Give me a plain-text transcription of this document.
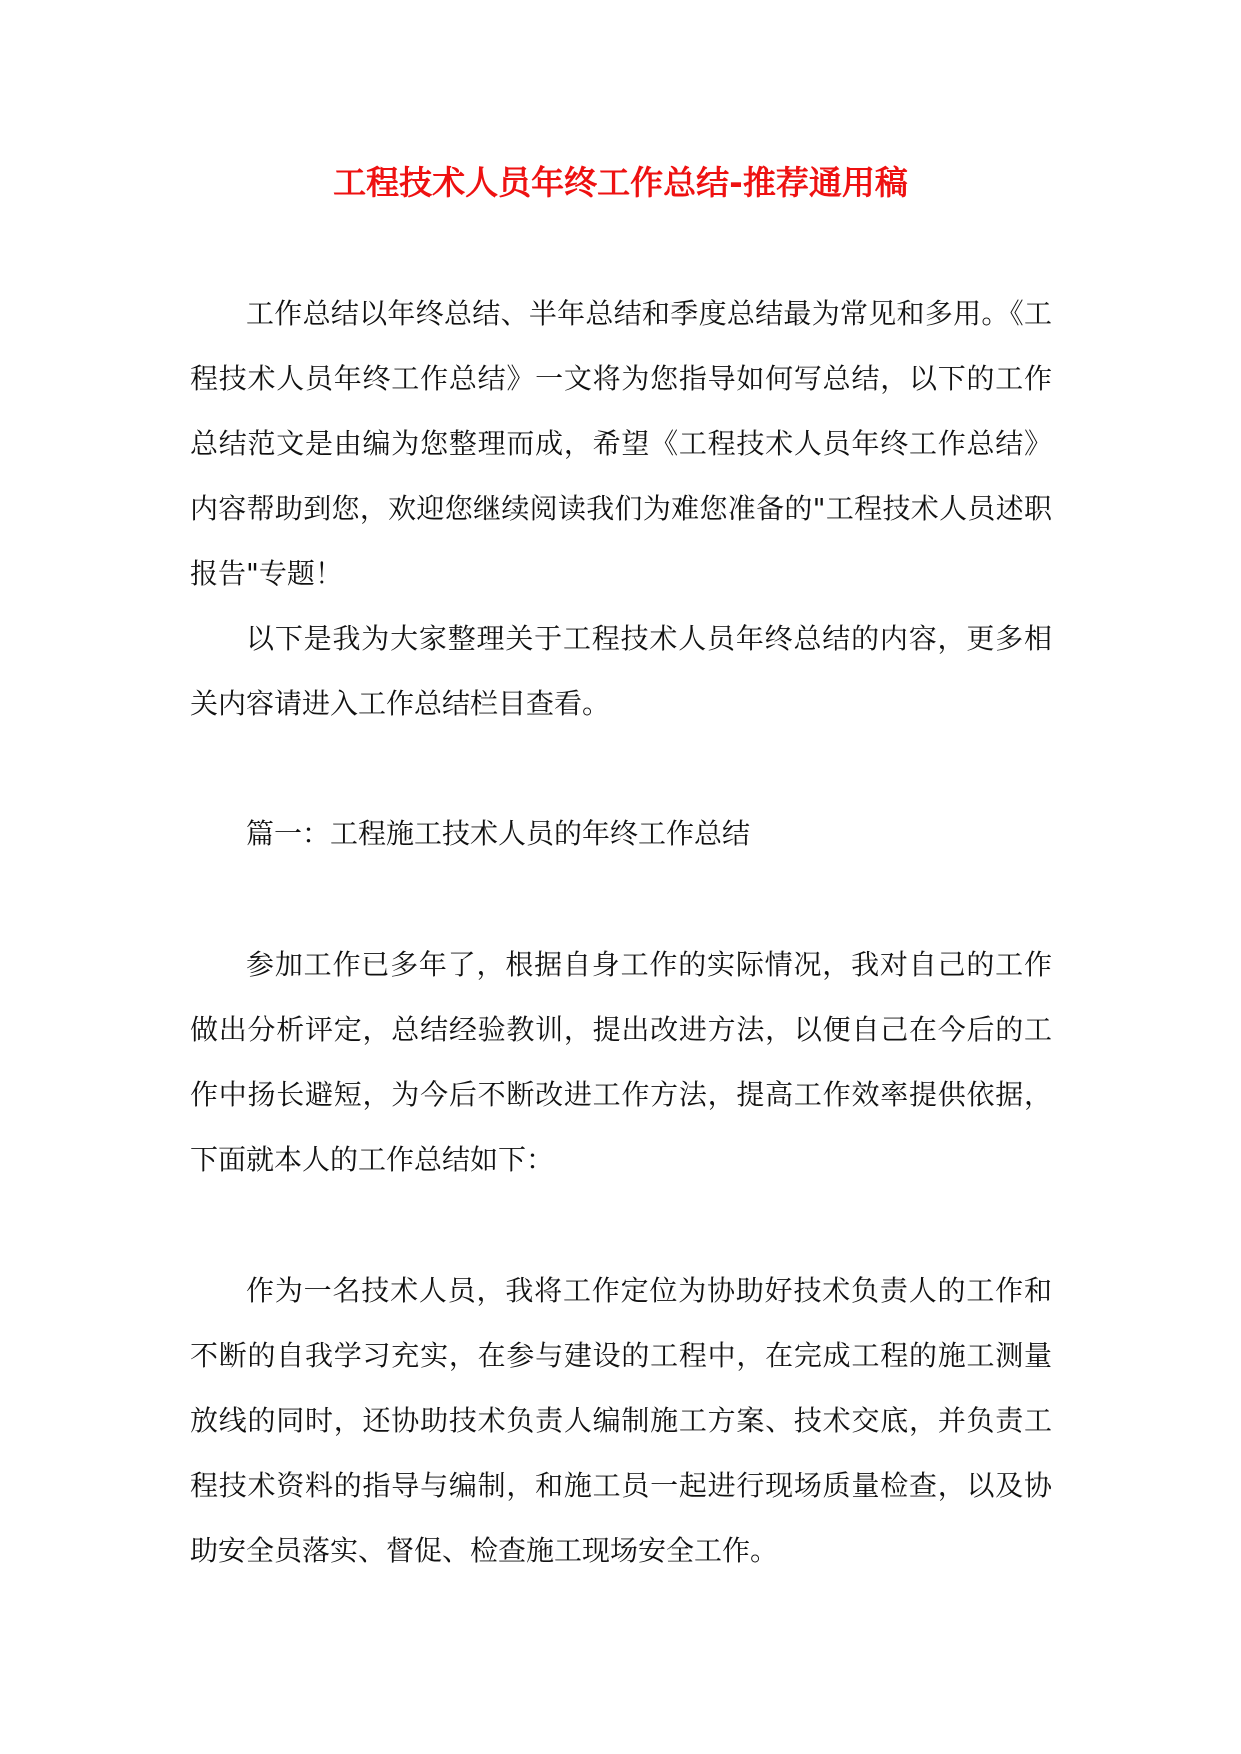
工程技术人员年终工作总结-推荐通用稿

工作总结以年终总结、半年总结和季度总结最为常见和多用。《工程技术人员年终工作总结》一文将为您指导如何写总结，以下的工作总结范文是由编为您整理而成，希望《工程技术人员年终工作总结》内容帮助到您，欢迎您继续阅读我们为难您准备的"工程技术人员述职报告"专题！

以下是我为大家整理关于工程技术人员年终总结的内容，更多相关内容请进入工作总结栏目查看。

篇一：工程施工技术人员的年终工作总结

参加工作已多年了，根据自身工作的实际情况，我对自己的工作做出分析评定，总结经验教训，提出改进方法，以便自己在今后的工作中扬长避短，为今后不断改进工作方法，提高工作效率提供依据，下面就本人的工作总结如下：

作为一名技术人员，我将工作定位为协助好技术负责人的工作和不断的自我学习充实，在参与建设的工程中，在完成工程的施工测量放线的同时，还协助技术负责人编制施工方案、技术交底，并负责工程技术资料的指导与编制，和施工员一起进行现场质量检查，以及协助安全员落实、督促、检查施工现场安全工作。
